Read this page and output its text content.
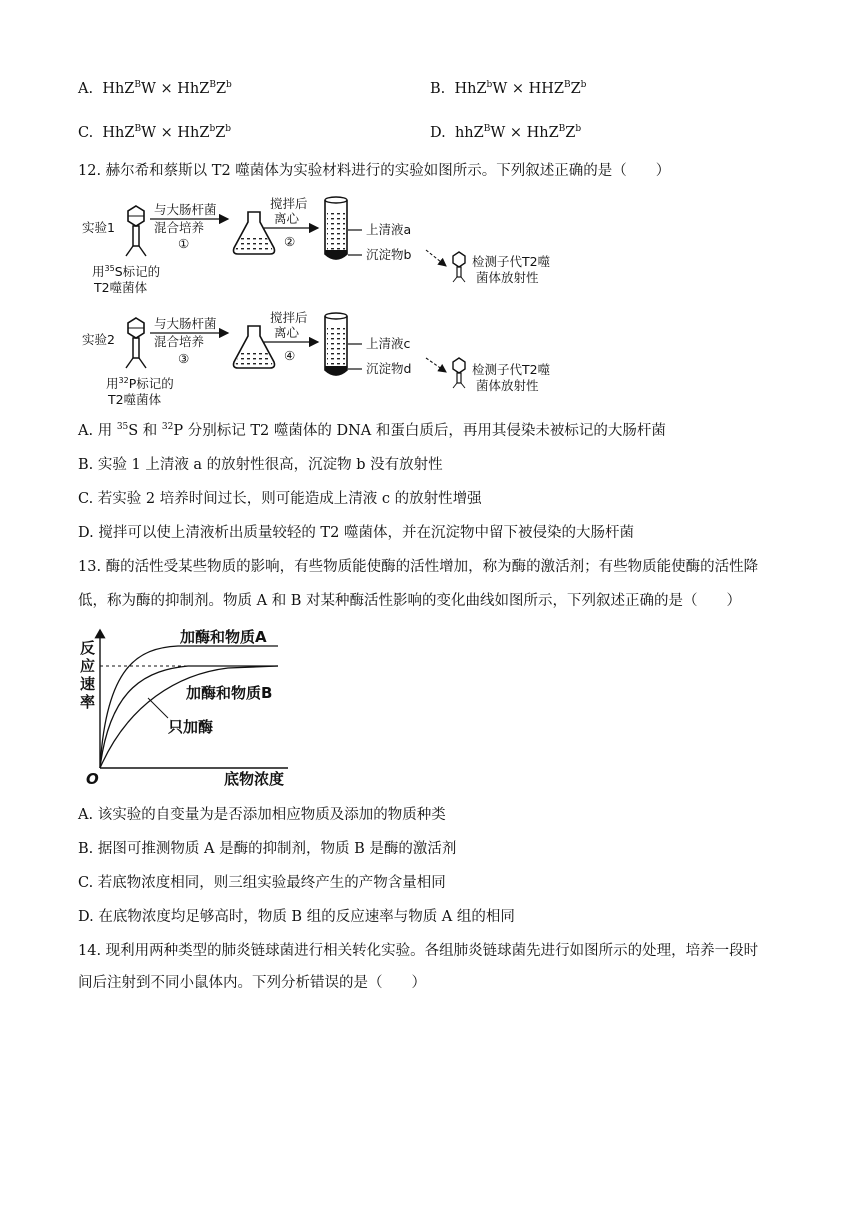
A. $HhZ^BW \times HhZ^BZ^b$	B. $HhZ^bW \times HHZ^BZ^b$
C. $HhZ^BW \times HhZ^bZ^b$	D. $hhZ^BW \times HhZ^BZ^b$
12. 赫尔希和蔡斯以 T2 噬菌体为实验材料进行的实验如图所示。下列叙述正确的是（　　）
实验1
用$^{35}$S标记的
T2噬菌体
与大肠杆菌
混合培养
①
搅拌后
离心
②
上清液a
沉淀物b	检测子代T2噬
菌体放射性
实验2
用$^{32}$P标记的
T2噬菌体
与大肠杆菌
混合培养
③
搅拌后
离心
④
上清液c
沉淀物d	检测子代T2噬
菌体放射性
A. 用 $^{35}$S 和 $^{32}$P 分别标记 T2 噬菌体的 DNA 和蛋白质后，再用其侵染未被标记的大肠杆菌
B. 实验 1 上清液 a 的放射性很高，沉淀物 b 没有放射性
C. 若实验 2 培养时间过长，则可能造成上清液 c 的放射性增强
D. 搅拌可以使上清液析出质量较轻的 T2 噬菌体，并在沉淀物中留下被侵染的大肠杆菌
13. 酶的活性受某些物质的影响，有些物质能使酶的活性增加，称为酶的激活剂；有些物质能使酶的活性降
低，称为酶的抑制剂。物质 A 和 B 对某种酶活性影响的变化曲线如图所示，下列叙述正确的是（　　）
反
应
速
率
O	底物浓度
加酶和物质A
加酶和物质B
只加酶
A. 该实验的自变量为是否添加相应物质及添加的物质种类
B. 据图可推测物质 A 是酶的抑制剂，物质 B 是酶的激活剂
C. 若底物浓度相同，则三组实验最终产生的产物含量相同
D. 在底物浓度均足够高时，物质 B 组的反应速率与物质 A 组的相同
14. 现利用两种类型的肺炎链球菌进行相关转化实验。各组肺炎链球菌先进行如图所示的处理，培养一段时
间后注射到不同小鼠体内。下列分析错误的是（　　）
